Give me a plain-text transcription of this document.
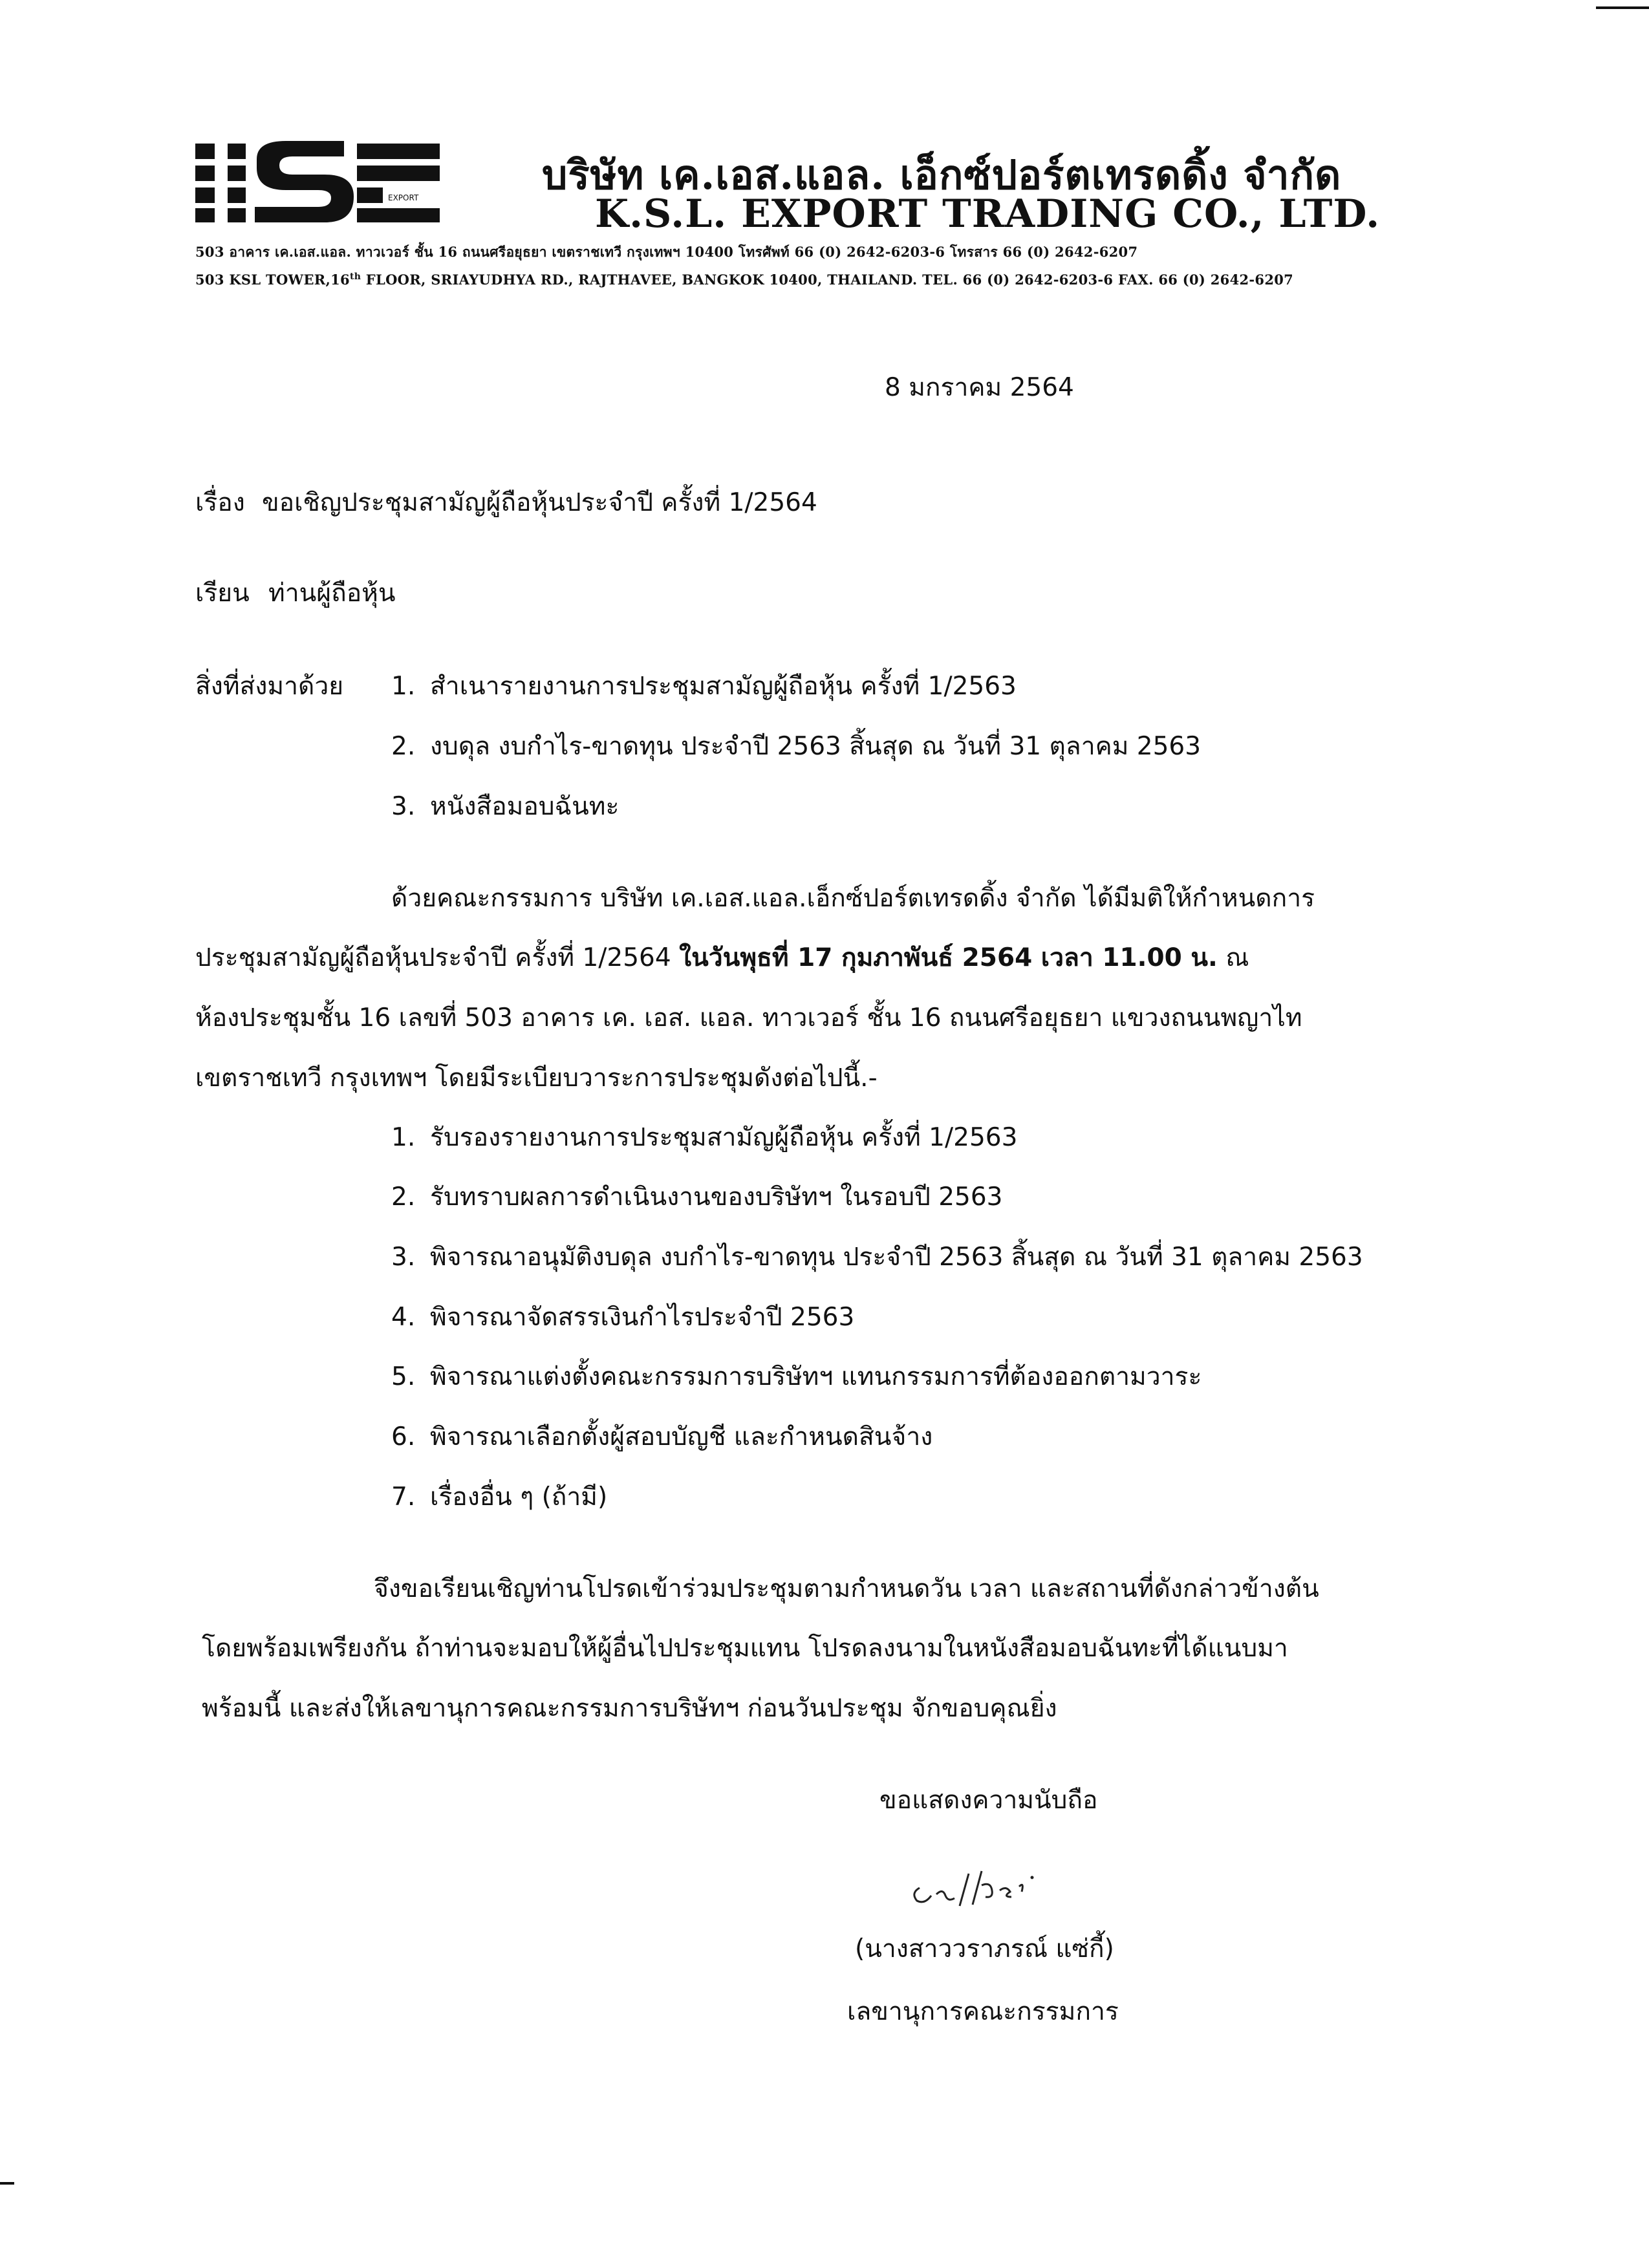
EXPORT	บริษัท เค.เอส.แอล. เอ็กซ์ปอร์ตเทรดดิ้ง จำกัด
K.S.L. EXPORT TRADING CO., LTD.
503 อาคาร เค.เอส.แอล. ทาวเวอร์ ชั้น 16 ถนนศรีอยุธยา เขตราชเทวี กรุงเทพฯ 10400 โทรศัพท์ 66 (0) 2642-6203-6 โทรสาร 66 (0) 2642-6207
503 KSL TOWER,16th FLOOR, SRIAYUDHYA RD., RAJTHAVEE, BANGKOK 10400, THAILAND. TEL. 66 (0) 2642-6203-6 FAX. 66 (0) 2642-6207
8 มกราคม 2564
เรื่อง ขอเชิญประชุมสามัญผู้ถือหุ้นประจำปี ครั้งที่ 1/2564
เรียน ท่านผู้ถือหุ้น
สิ่งที่ส่งมาด้วย 1. สำเนารายงานการประชุมสามัญผู้ถือหุ้น ครั้งที่ 1/2563
2. งบดุล งบกำไร-ขาดทุน ประจำปี 2563 สิ้นสุด ณ วันที่ 31 ตุลาคม 2563
3. หนังสือมอบฉันทะ
ด้วยคณะกรรมการ บริษัท เค.เอส.แอล.เอ็กซ์ปอร์ตเทรดดิ้ง จำกัด ได้มีมติให้กำหนดการ
ประชุมสามัญผู้ถือหุ้นประจำปี ครั้งที่ 1/2564 ในวันพุธที่ 17 กุมภาพันธ์ 2564 เวลา 11.00 น. ณ
ห้องประชุมชั้น 16 เลขที่ 503 อาคาร เค. เอส. แอล. ทาวเวอร์ ชั้น 16 ถนนศรีอยุธยา แขวงถนนพญาไท
เขตราชเทวี กรุงเทพฯ โดยมีระเบียบวาระการประชุมดังต่อไปนี้.-
1. รับรองรายงานการประชุมสามัญผู้ถือหุ้น ครั้งที่ 1/2563
2. รับทราบผลการดำเนินงานของบริษัทฯ ในรอบปี 2563
3. พิจารณาอนุมัติงบดุล งบกำไร-ขาดทุน ประจำปี 2563 สิ้นสุด ณ วันที่ 31 ตุลาคม 2563
4. พิจารณาจัดสรรเงินกำไรประจำปี 2563
5. พิจารณาแต่งตั้งคณะกรรมการบริษัทฯ แทนกรรมการที่ต้องออกตามวาระ
6. พิจารณาเลือกตั้งผู้สอบบัญชี และกำหนดสินจ้าง
7. เรื่องอื่น ๆ (ถ้ามี)
จึงขอเรียนเชิญท่านโปรดเข้าร่วมประชุมตามกำหนดวัน เวลา และสถานที่ดังกล่าวข้างต้น
โดยพร้อมเพรียงกัน ถ้าท่านจะมอบให้ผู้อื่นไปประชุมแทน โปรดลงนามในหนังสือมอบฉันทะที่ได้แนบมา
พร้อมนี้ และส่งให้เลขานุการคณะกรรมการบริษัทฯ ก่อนวันประชุม จักขอบคุณยิ่ง
ขอแสดงความนับถือ
(นางสาววราภรณ์ แซ่กี้)
เลขานุการคณะกรรมการ
